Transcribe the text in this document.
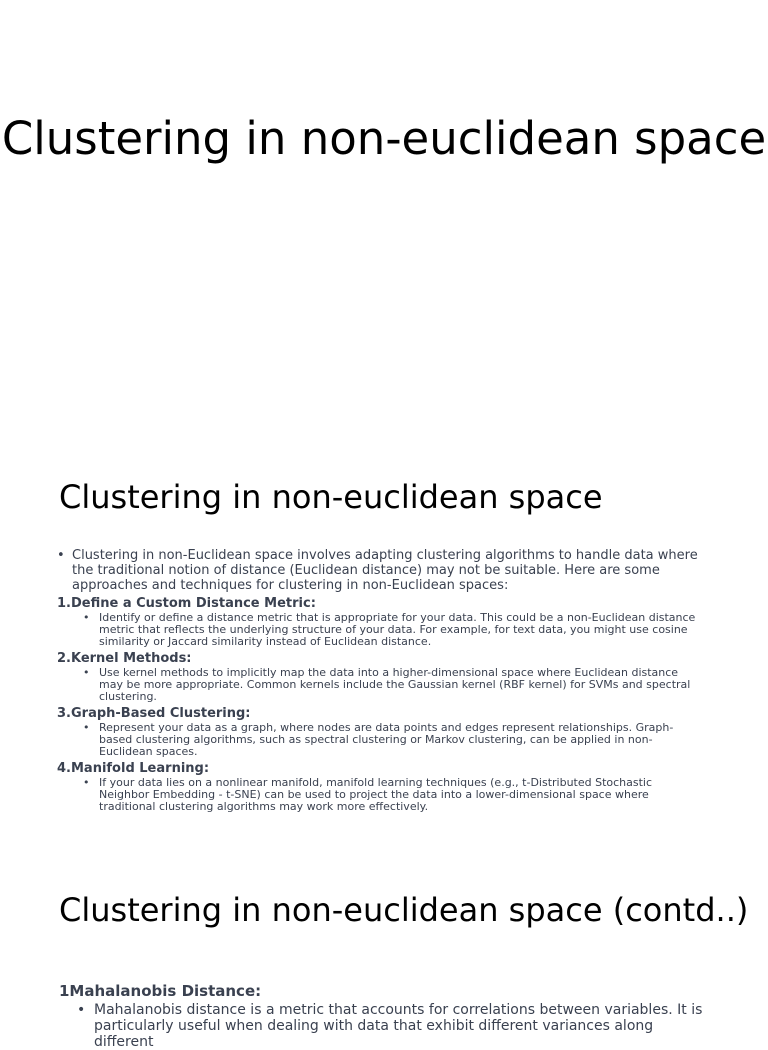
Clustering in non-euclidean space
Clustering in non-euclidean space
• Clustering in non-Euclidean space involves adapting clustering algorithms to handle data where the traditional notion of distance (Euclidean distance) may not be suitable. Here are some approaches and techniques for clustering in non-Euclidean spaces:
1.Define a Custom Distance Metric:
• Identify or define a distance metric that is appropriate for your data. This could be a non-Euclidean distance metric that reflects the underlying structure of your data. For example, for text data, you might use cosine similarity or Jaccard similarity instead of Euclidean distance.
2.Kernel Methods:
• Use kernel methods to implicitly map the data into a higher-dimensional space where Euclidean distance may be more appropriate. Common kernels include the Gaussian kernel (RBF kernel) for SVMs and spectral clustering.
3.Graph-Based Clustering:
• Represent your data as a graph, where nodes are data points and edges represent relationships. Graph-based clustering algorithms, such as spectral clustering or Markov clustering, can be applied in non-Euclidean spaces.
4.Manifold Learning:
• If your data lies on a nonlinear manifold, manifold learning techniques (e.g., t-Distributed Stochastic Neighbor Embedding - t-SNE) can be used to project the data into a lower-dimensional space where traditional clustering algorithms may work more effectively.
Clustering in non-euclidean space (contd..)
1Mahalanobis Distance:
• Mahalanobis distance is a metric that accounts for correlations between variables. It is particularly useful when dealing with data that exhibit different variances along different
